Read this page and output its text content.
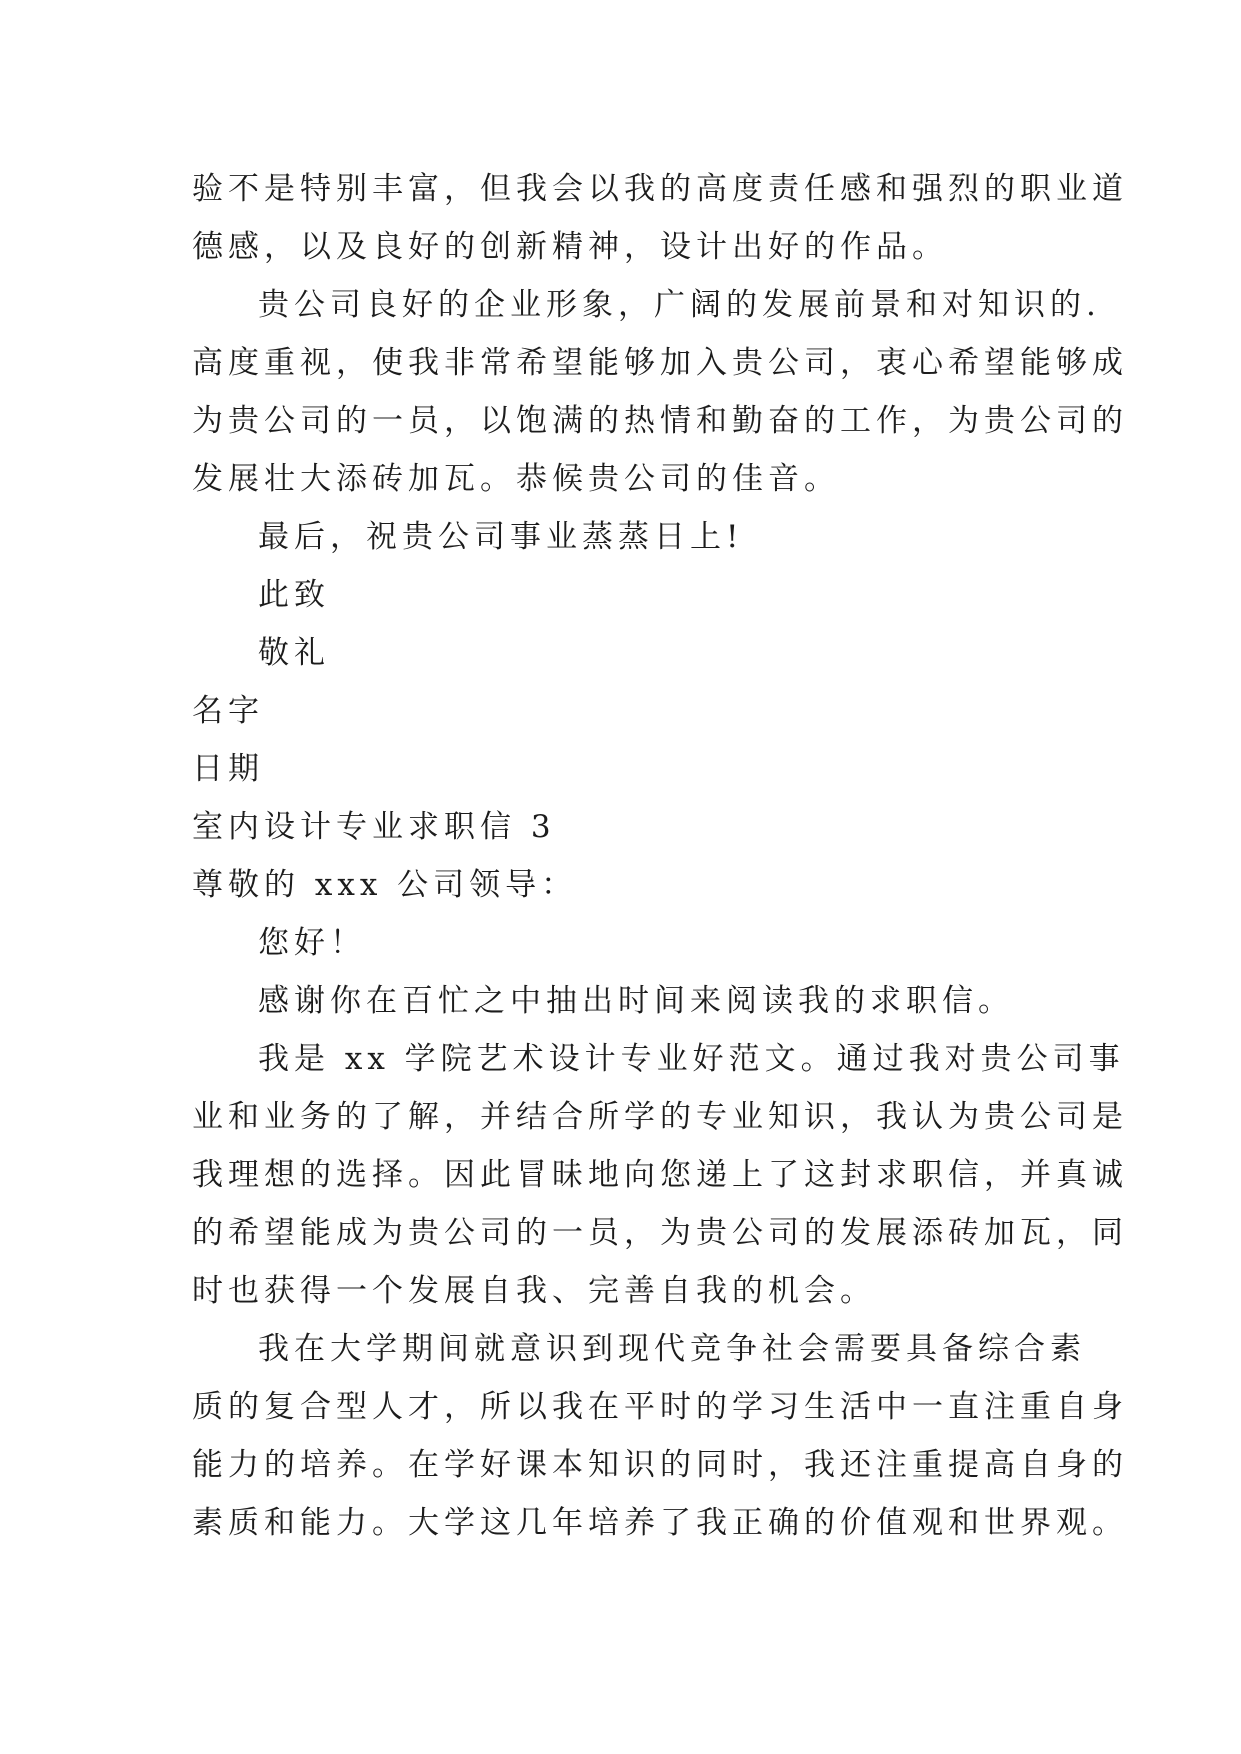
验不是特别丰富，但我会以我的高度责任感和强烈的职业道
德感，以及良好的创新精神，设计出好的作品。
贵公司良好的企业形象，广阔的发展前景和对知识的.
高度重视，使我非常希望能够加入贵公司，衷心希望能够成
为贵公司的一员，以饱满的热情和勤奋的工作，为贵公司的
发展壮大添砖加瓦。恭候贵公司的佳音。
最后，祝贵公司事业蒸蒸日上!
此致
敬礼
名字
日期
室内设计专业求职信 3
尊敬的 xxx 公司领导：
您好！
感谢你在百忙之中抽出时间来阅读我的求职信。
我是 xx 学院艺术设计专业好范文。通过我对贵公司事
业和业务的了解，并结合所学的专业知识，我认为贵公司是
我理想的选择。因此冒昧地向您递上了这封求职信，并真诚
的希望能成为贵公司的一员，为贵公司的发展添砖加瓦，同
时也获得一个发展自我、完善自我的机会。
我在大学期间就意识到现代竞争社会需要具备综合素
质的复合型人才，所以我在平时的学习生活中一直注重自身
能力的培养。在学好课本知识的同时，我还注重提高自身的
素质和能力。大学这几年培养了我正确的价值观和世界观。
